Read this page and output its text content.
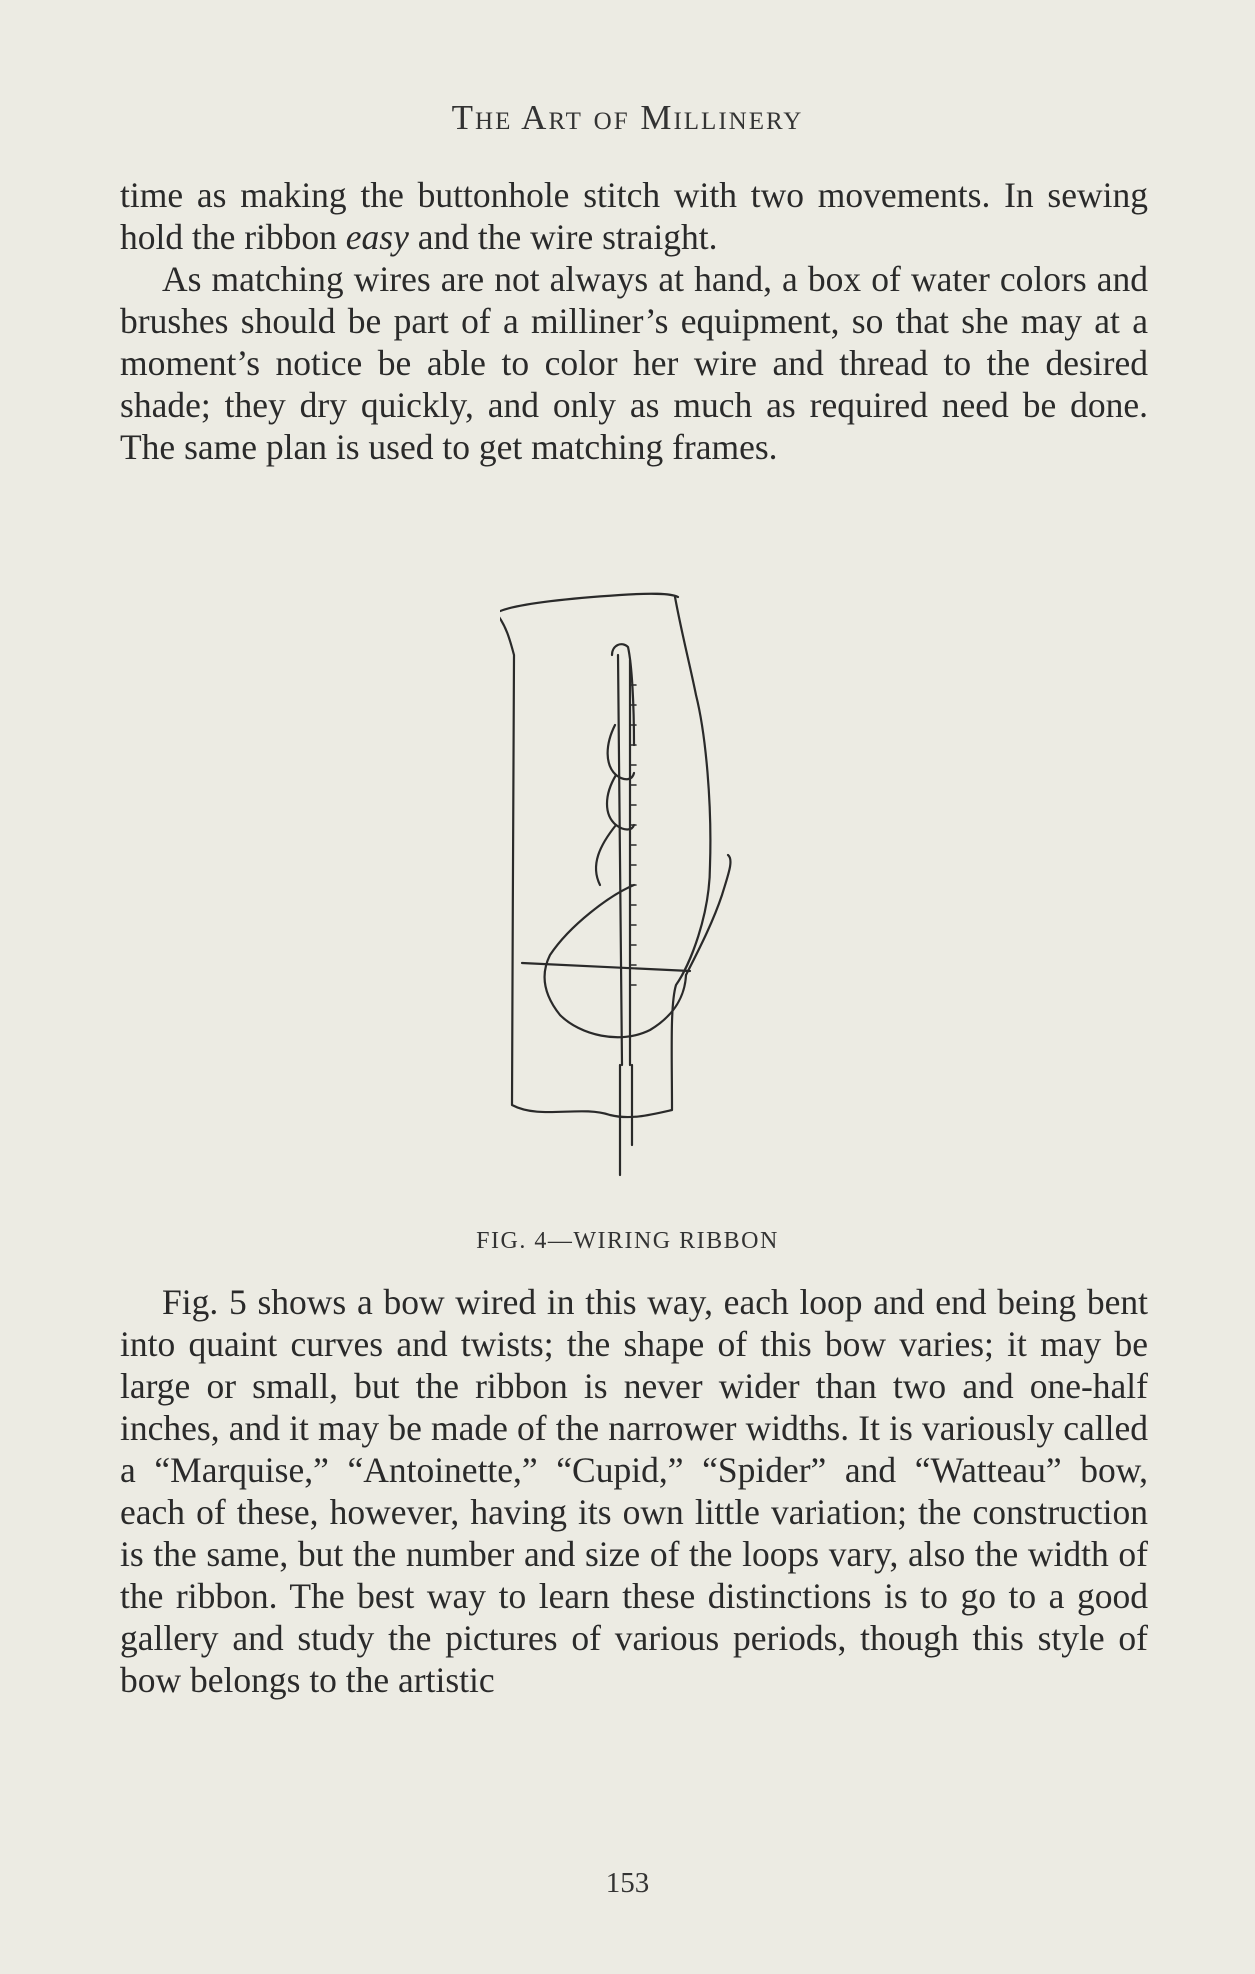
The Art of Millinery

time as making the buttonhole stitch with two movements. In sewing hold the ribbon easy and the wire straight.

As matching wires are not always at hand, a box of water colors and brushes should be part of a milliner’s equipment, so that she may at a moment’s notice be able to color her wire and thread to the desired shade; they dry quickly, and only as much as required need be done. The same plan is used to get matching frames.

FIG. 4—WIRING RIBBON

Fig. 5 shows a bow wired in this way, each loop and end being bent into quaint curves and twists; the shape of this bow varies; it may be large or small, but the ribbon is never wider than two and one-half inches, and it may be made of the narrower widths. It is variously called a “Marquise,” “Antoinette,” “Cupid,” “Spider” and “Watteau” bow, each of these, however, having its own little variation; the construction is the same, but the number and size of the loops vary, also the width of the ribbon. The best way to learn these distinctions is to go to a good gallery and study the pictures of various periods, though this style of bow belongs to the artistic

153
